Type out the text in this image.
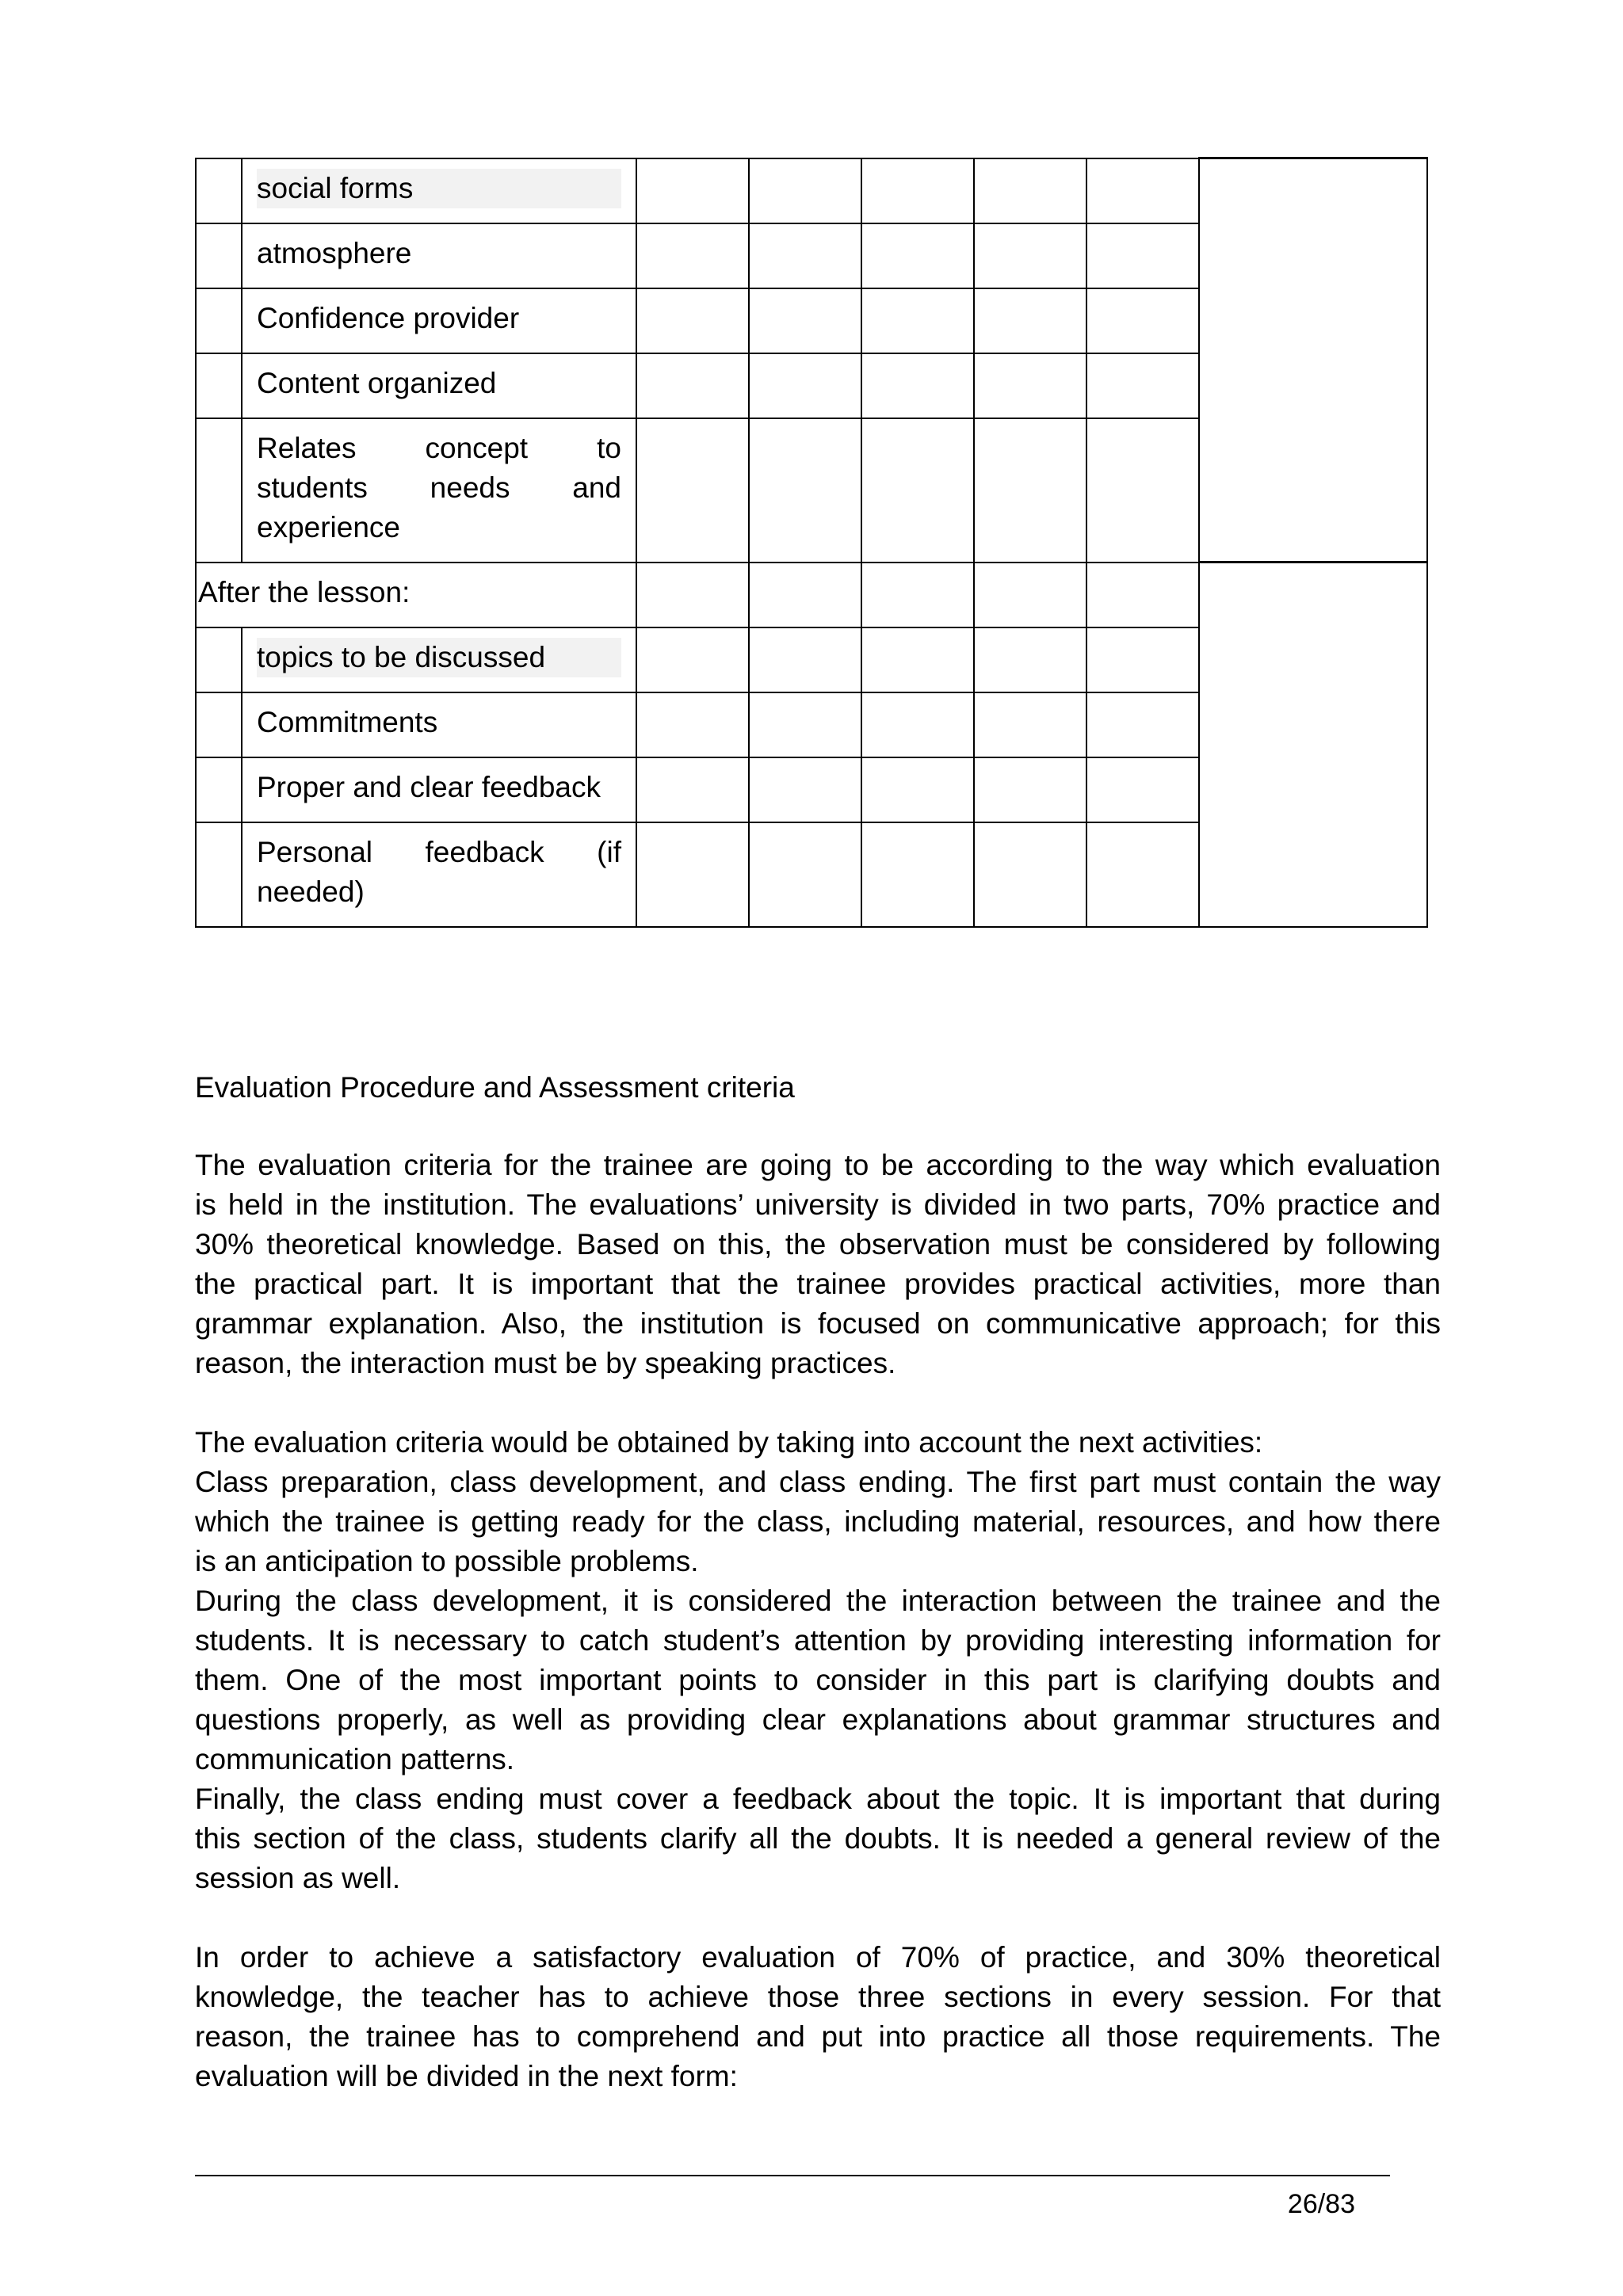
	social forms						

	atmosphere						

	Confidence provider						

	Content organized						

	Relates concept to
students needs and
experience						

After the lesson:							

	topics to be discussed						

	Commitments						

	Proper and clear feedback						

	Personal feedback (if
needed)						

Evaluation Procedure and Assessment criteria

The evaluation criteria for the trainee are going to be according to the way which evaluation
is held in the institution. The evaluations’ university is divided in two parts, 70% practice and
30% theoretical knowledge. Based on this, the observation must be considered by following
the practical part. It is important that the trainee provides practical activities, more than
grammar explanation. Also, the institution is focused on communicative approach; for this
reason, the interaction must be by speaking practices.
The evaluation criteria would be obtained by taking into account the next activities:
Class preparation, class development, and class ending. The first part must contain the way
which the trainee is getting ready for the class, including material, resources, and how there
is an anticipation to possible problems.
During the class development, it is considered the interaction between the trainee and the
students. It is necessary to catch student’s attention by providing interesting information for
them. One of the most important points to consider in this part is clarifying doubts and
questions properly, as well as providing clear explanations about grammar structures and
communication patterns.
Finally, the class ending must cover a feedback about the topic. It is important that during
this section of the class, students clarify all the doubts. It is needed a general review of the
session as well.
In order to achieve a satisfactory evaluation of 70% of practice, and 30% theoretical
knowledge, the teacher has to achieve those three sections in every session. For that
reason, the trainee has to comprehend and put into practice all those requirements. The
evaluation will be divided in the next form:
26/83
